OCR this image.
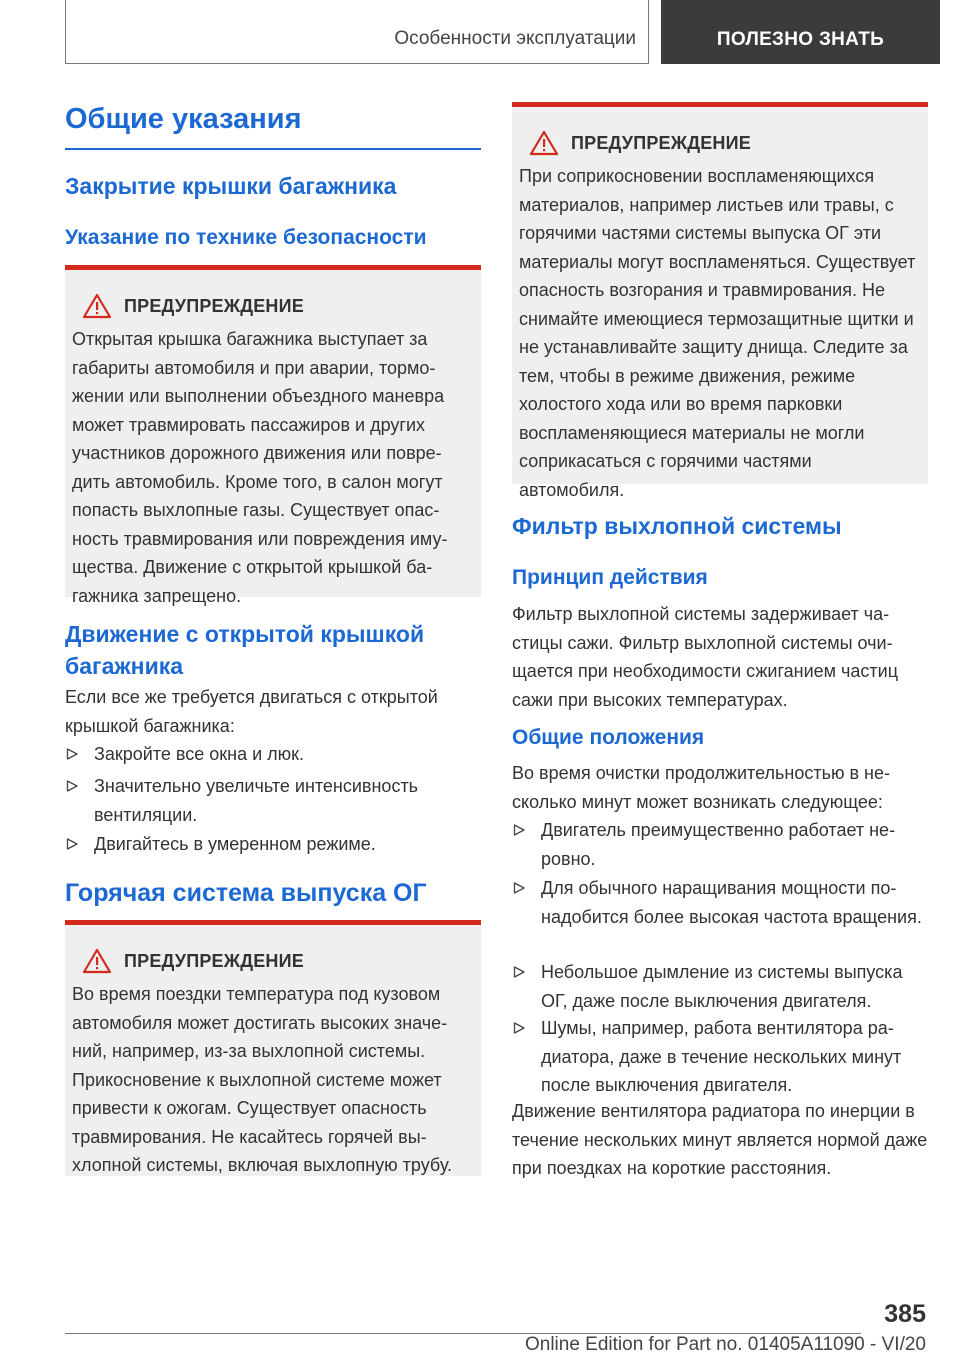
Особенности эксплуатации	ПОЛЕЗНО ЗНАТЬ
Общие указания
Закрытие крышки багажника
Указание по технике безопасности
ПРЕДУПРЕЖДЕНИЕ
Открытая крышка багажника выступает за габариты автомобиля и при аварии, торможении или выполнении объездного маневра может травмировать пассажиров и других участников дорожного движения или повредить автомобиль. Кроме того, в салон могут попасть выхлопные газы. Существует опасность травмирования или повреждения имущества. Движение с открытой крышкой багажника запрещено.
Движение с открытой крышкой багажника
Если все же требуется двигаться с открытой крышкой багажника:
Закройте все окна и люк.
Значительно увеличьте интенсивность вентиляции.
Двигайтесь в умеренном режиме.
Горячая система выпуска ОГ
ПРЕДУПРЕЖДЕНИЕ
Во время поездки температура под кузовом автомобиля может достигать высоких значений, например, из-за выхлопной системы. Прикосновение к выхлопной системе может привести к ожогам. Существует опасность травмирования. Не касайтесь горячей выхлопной системы, включая выхлопную трубу.
ПРЕДУПРЕЖДЕНИЕ
При соприкосновении воспламеняющихся материалов, например листьев или травы, с горячими частями системы выпуска ОГ эти материалы могут воспламеняться. Существует опасность возгорания и травмирования. Не снимайте имеющиеся термозащитные щитки и не устанавливайте защиту днища. Следите за тем, чтобы в режиме движения, режиме холостого хода или во время парковки воспламеняющиеся материалы не могли соприкасаться с горячими частями автомобиля.
Фильтр выхлопной системы
Принцип действия
Фильтр выхлопной системы задерживает частицы сажи. Фильтр выхлопной системы очищается при необходимости сжиганием частиц сажи при высоких температурах.
Общие положения
Во время очистки продолжительностью в несколько минут может возникать следующее:
Двигатель преимущественно работает неровно.
Для обычного наращивания мощности понадобится более высокая частота вращения.
Небольшое дымление из системы выпуска ОГ, даже после выключения двигателя.
Шумы, например, работа вентилятора радиатора, даже в течение нескольких минут после выключения двигателя.
Движение вентилятора радиатора по инерции в течение нескольких минут является нормой даже при поездках на короткие расстояния.
385
Online Edition for Part no. 01405A11090 - VI/20
